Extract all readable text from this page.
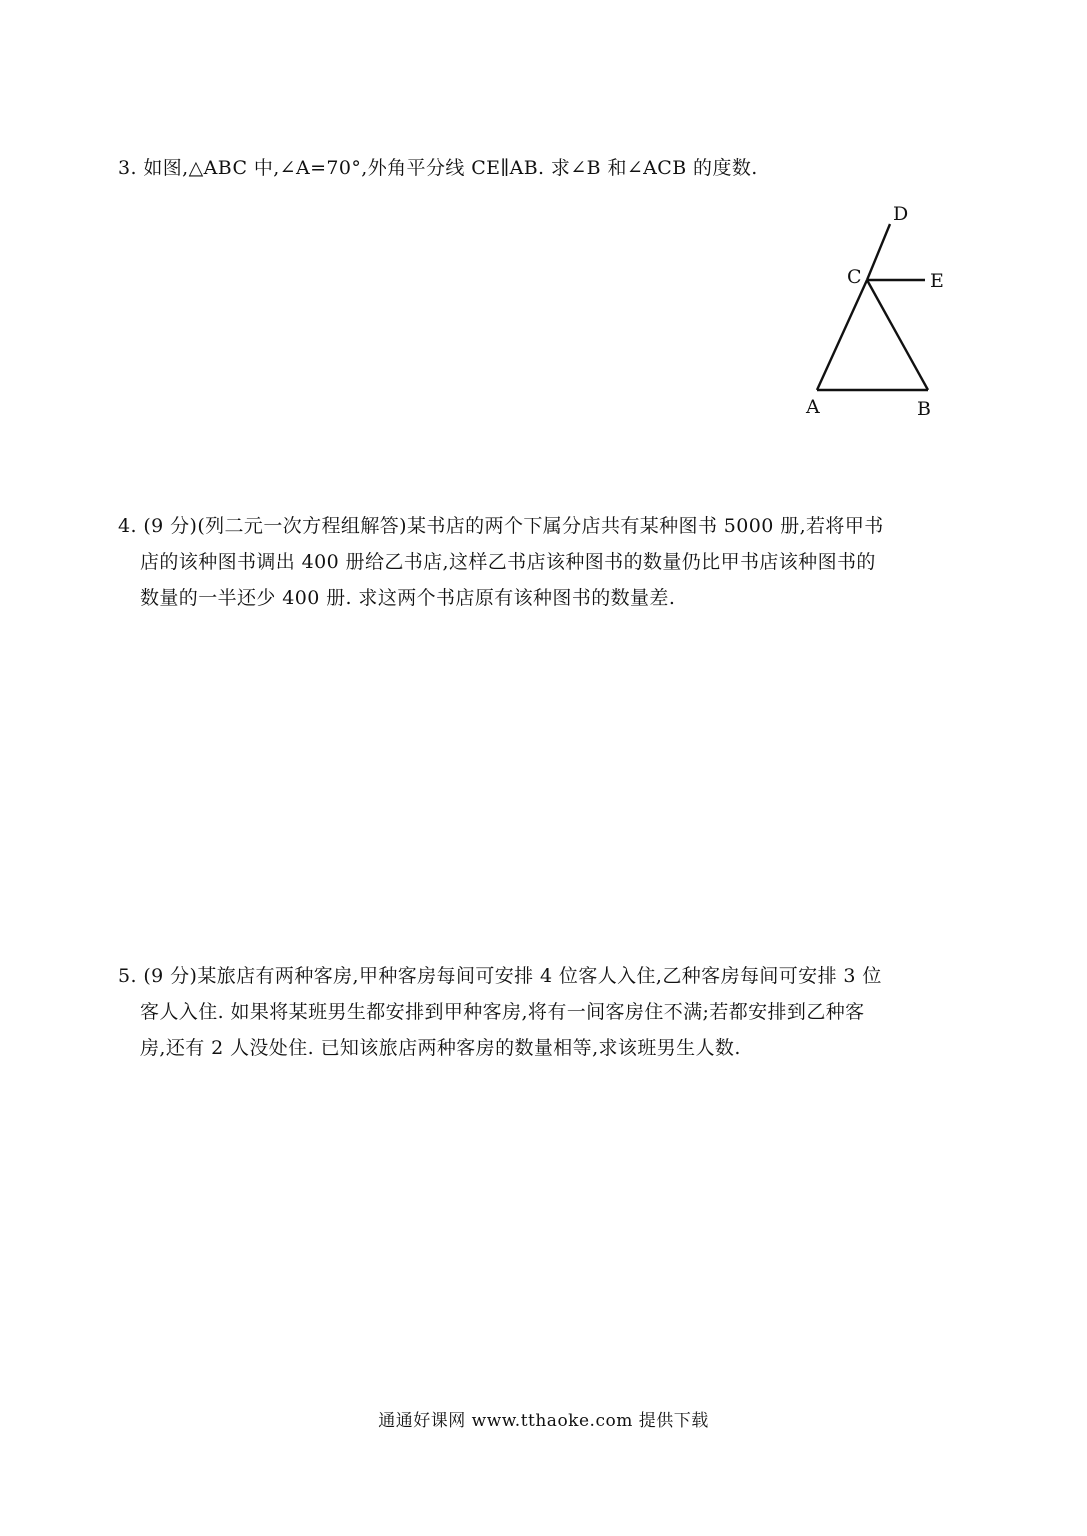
3. 如图,△ABC 中,∠A=70°,外角平分线 CE∥AB. 求∠B 和∠ACB 的度数.
D
C	E
A	B
4. (9 分)(列二元一次方程组解答)某书店的两个下属分店共有某种图书 5000 册,若将甲书
店的该种图书调出 400 册给乙书店,这样乙书店该种图书的数量仍比甲书店该种图书的
数量的一半还少 400 册. 求这两个书店原有该种图书的数量差.
5. (9 分)某旅店有两种客房,甲种客房每间可安排 4 位客人入住,乙种客房每间可安排 3 位
客人入住. 如果将某班男生都安排到甲种客房,将有一间客房住不满;若都安排到乙种客
房,还有 2 人没处住. 已知该旅店两种客房的数量相等,求该班男生人数.
通通好课网 www.tthaoke.com 提供下载
